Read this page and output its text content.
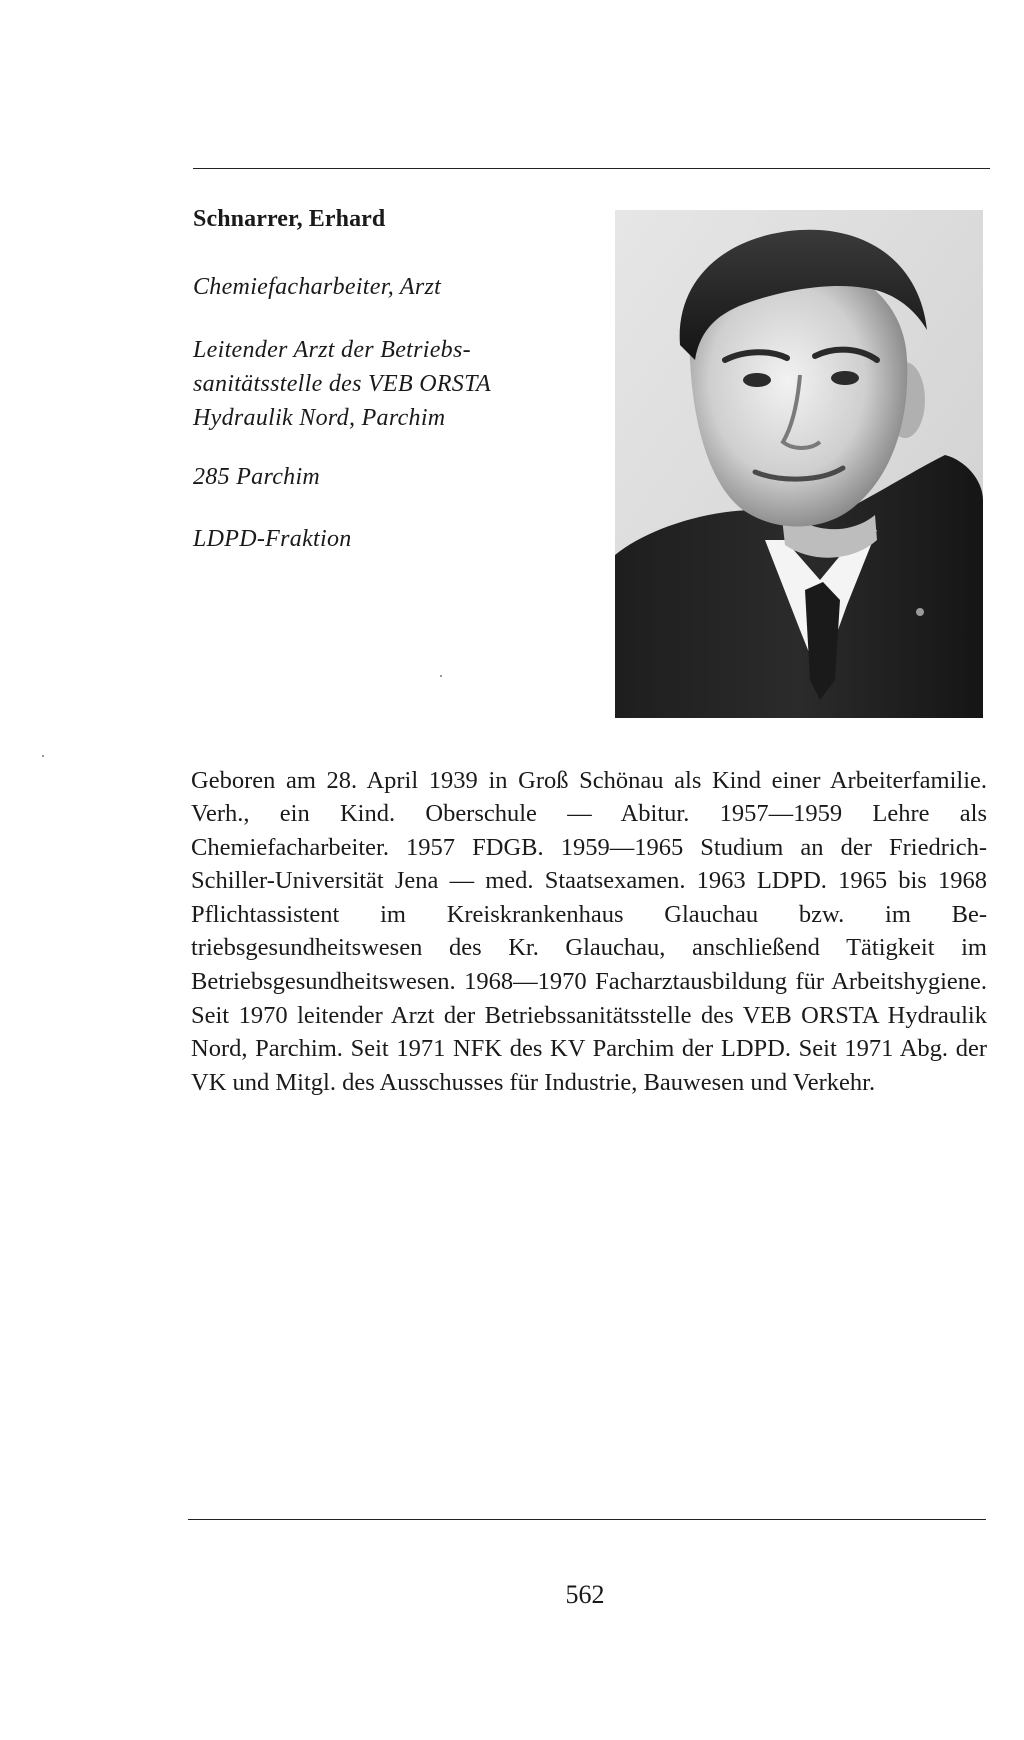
Schnarrer, Erhard
Chemiefacharbeiter, Arzt
Leitender Arzt der Betriebs-sanitätsstelle des VEB ORSTA Hydraulik Nord, Parchim
285 Parchim
LDPD-Fraktion

Geboren am 28. April 1939 in Groß Schönau als Kind einer Arbeiterfamilie. Verh., ein Kind. Oberschule — Abitur. 1957—1959 Lehre als Chemiefacharbeiter. 1957 FDGB. 1959—1965 Studium an der Friedrich-Schiller-Universität Jena — med. Staatsexamen. 1963 LDPD. 1965 bis 1968 Pflichtassistent im Kreiskrankenhaus Glauchau bzw. im Betriebsgesundheitswesen des Kr. Glauchau, anschließend Tätigkeit im Betriebsgesundheitswesen. 1968—1970 Facharztausbildung für Arbeitshygiene. Seit 1970 leitender Arzt der Betriebssanitätsstelle des VEB ORSTA Hydraulik Nord, Parchim. Seit 1971 NFK des KV Parchim der LDPD. Seit 1971 Abg. der VK und Mitgl. des Ausschusses für Industrie, Bauwesen und Verkehr.

562
